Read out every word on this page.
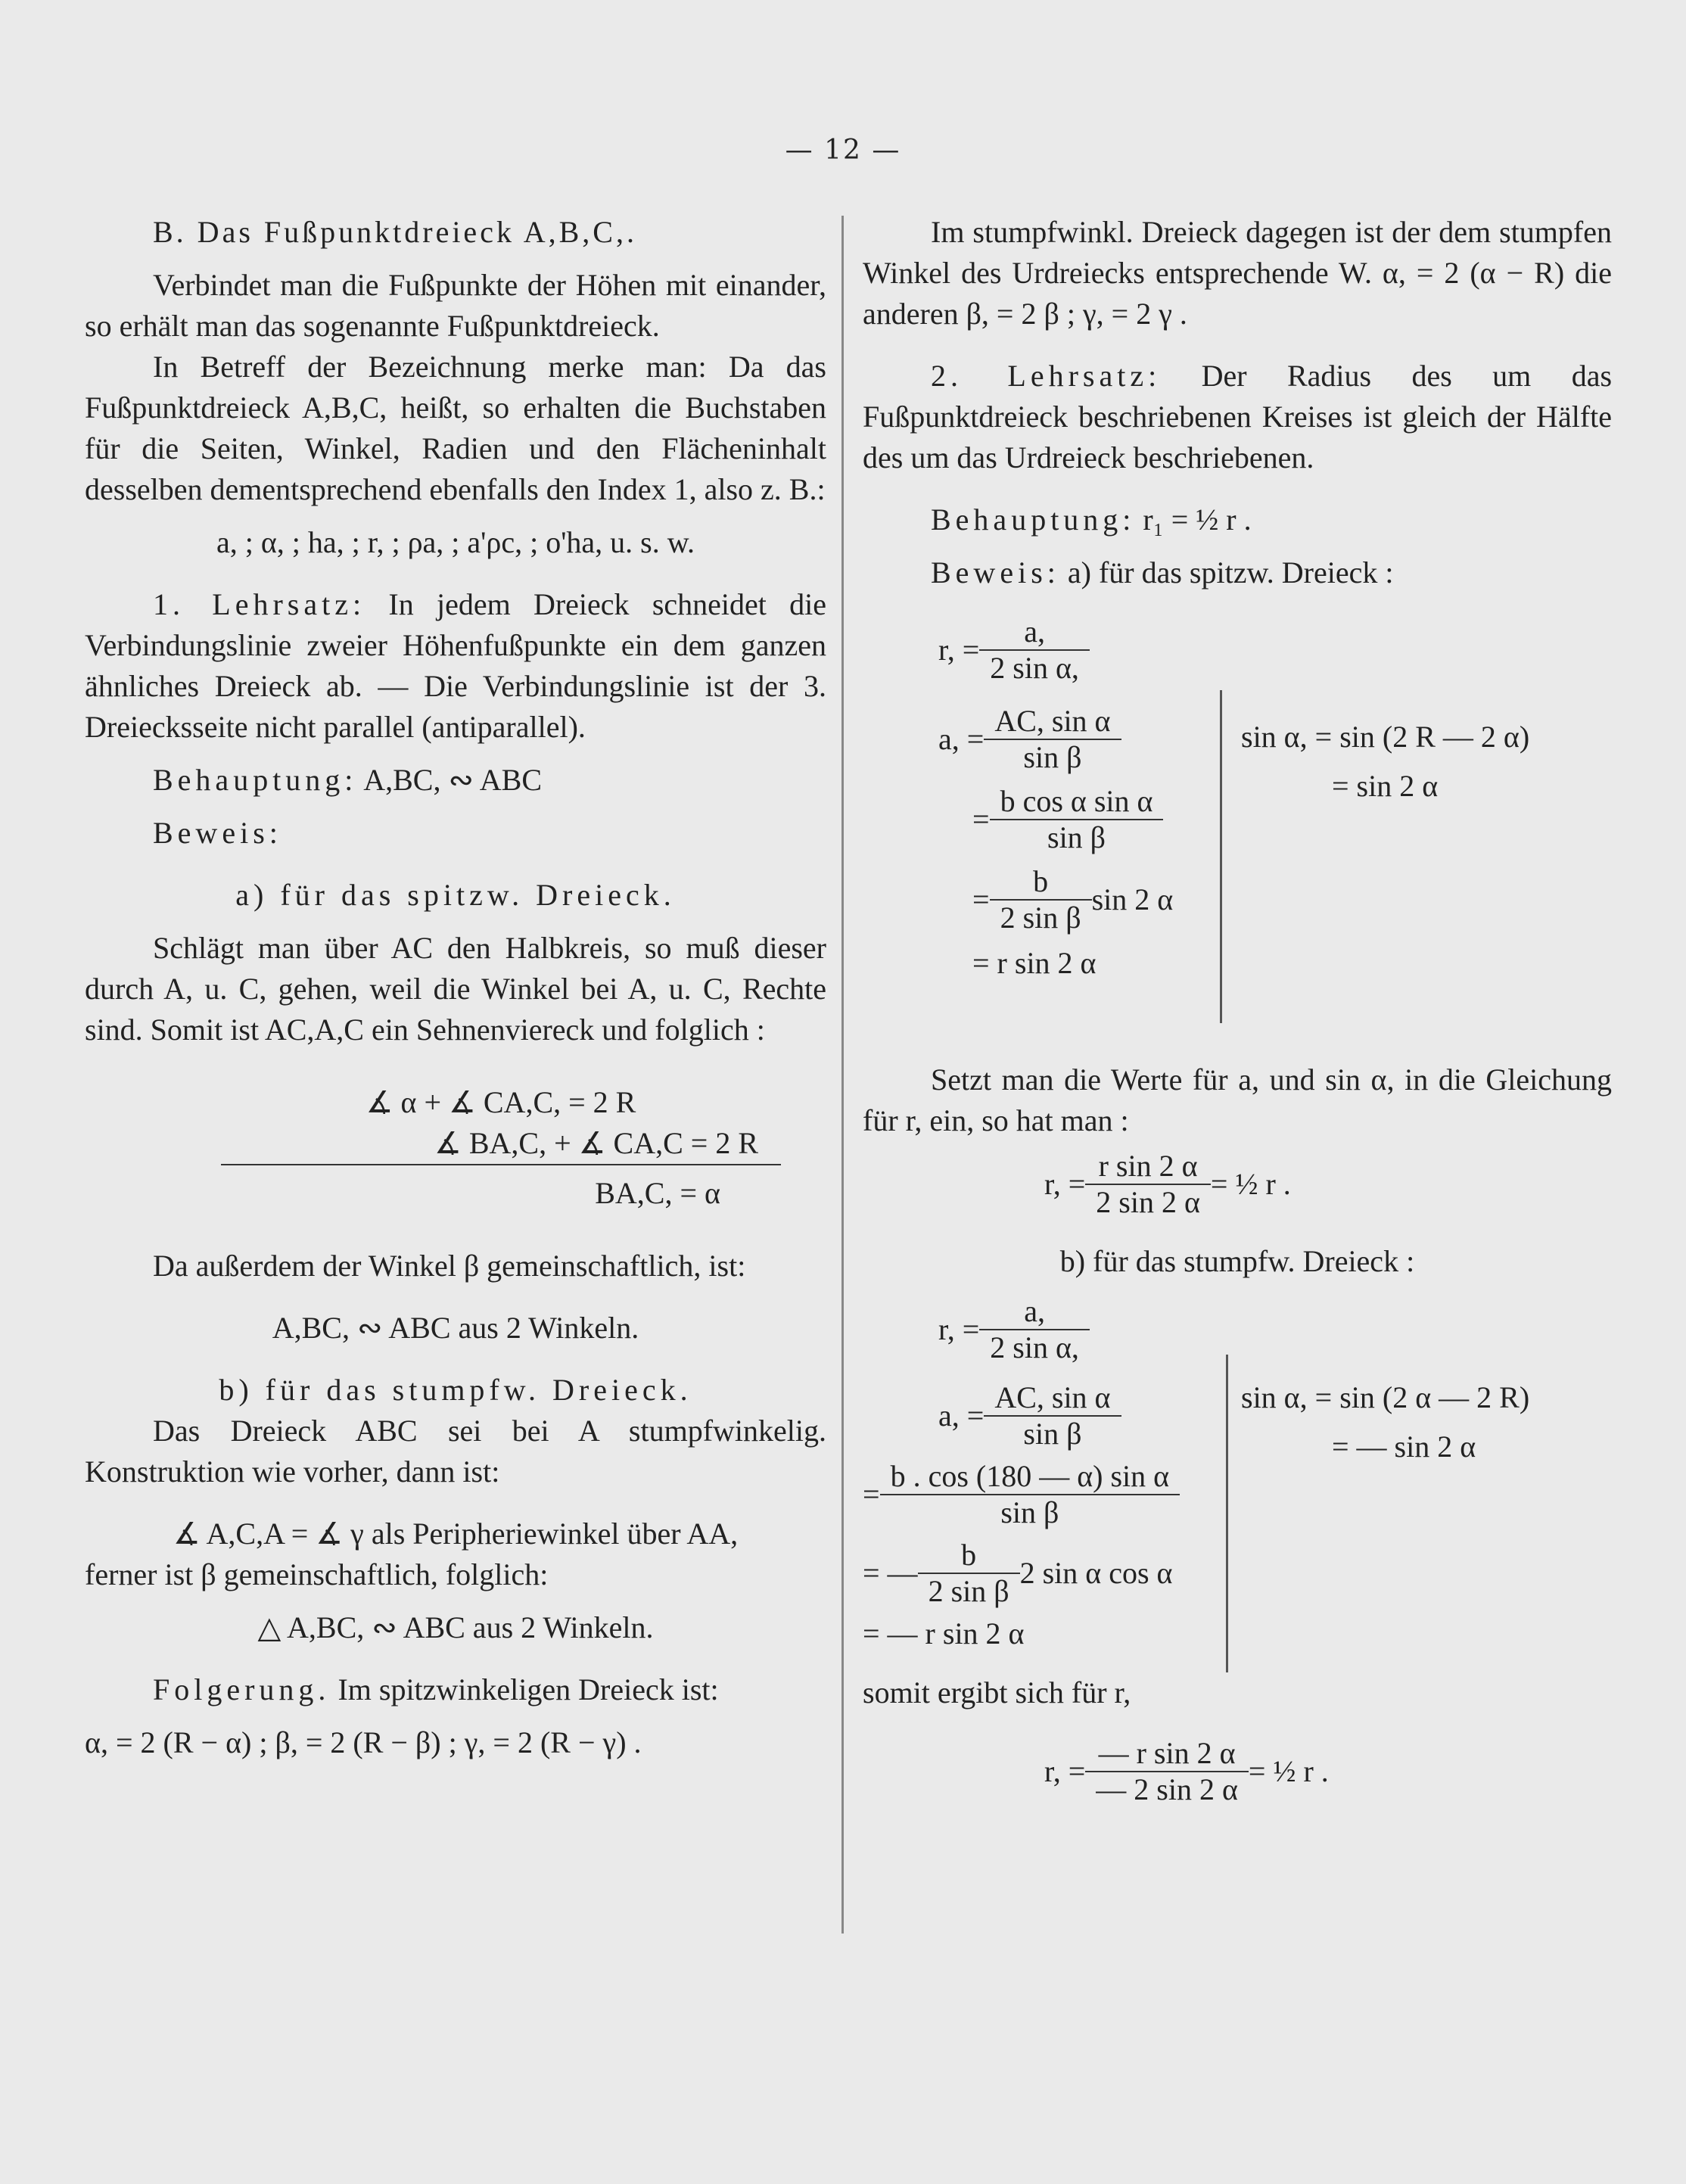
— 12 —

B. Das Fußpunktdreieck A,B,C,.

Verbindet man die Fußpunkte der Höhen mit einander, so erhält man das sogenannte Fußpunktdreieck.

In Betreff der Bezeichnung merke man: Da das Fußpunktdreieck A,B,C, heißt, so erhalten die Buchstaben für die Seiten, Winkel, Radien und den Flächeninhalt desselben dementsprechend ebenfalls den Index 1, also z. B.:

a, ; α, ; ha, ; r, ; ρa, ; a'ρc, ; o'ha, u. s. w.

1. Lehrsatz: In jedem Dreieck schneidet die Verbindungslinie zweier Höhenfußpunkte ein dem ganzen ähnliches Dreieck ab. — Die Verbindungslinie ist der 3. Dreiecksseite nicht parallel (antiparallel).

Behauptung: A,BC, ∾ ABC

Beweis:

a) für das spitzw. Dreieck.

Schlägt man über AC den Halbkreis, so muß dieser durch A, u. C, gehen, weil die Winkel bei A, u. C, Rechte sind. Somit ist AC,A,C ein Sehnenviereck und folglich :

∡ α + ∡ CA,C, = 2 R

∡ BA,C, + ∡ CA,C = 2 R

BA,C, = α

Da außerdem der Winkel β gemeinschaftlich, ist:

A,BC, ∾ ABC aus 2 Winkeln.

b) für das stumpfw. Dreieck.

Das Dreieck ABC sei bei A stumpfwinkelig. Konstruktion wie vorher, dann ist:

∡ A,C,A = ∡ γ als Peripheriewinkel über AA,

ferner ist β gemeinschaftlich, folglich:

△ A,BC, ∾ ABC aus 2 Winkeln.

Folgerung. Im spitzwinkeligen Dreieck ist:

α, = 2 (R − α) ; β, = 2 (R − β) ; γ, = 2 (R − γ) .

Im stumpfwinkl. Dreieck dagegen ist der dem stumpfen Winkel des Urdreiecks entsprechende W. α, = 2 (α − R) die anderen β, = 2 β ; γ, = 2 γ .

2. Lehrsatz: Der Radius des um das Fußpunktdreieck beschriebenen Kreises ist gleich der Hälfte des um das Urdreieck beschriebenen.

Behauptung: r₁ = ½ r .

Beweis: a) für das spitzw. Dreieck :

r, = $\frac{a,}{\text{2 sin α,}}$
a, = $\frac{\text{AC, sin α}}{\text{sin β}}$
= $\frac{\text{b cos α sin α}}{\text{sin β}}$
= $\frac{b}{\text{2 sin β}}$ sin 2 α

= r sin 2 α

sin α, = sin (2 R — 2 α)

= sin 2 α

Setzt man die Werte für a, und sin α, in die Gleichung für r, ein, so hat man :

r, = $\frac{\text{r sin 2 α}}{2 \sin 2 \alpha}$ = ½ r .

b) für das stumpfw. Dreieck :

r, = $\frac{a,}{\text{2 sin α,}}$
a, = $\frac{\text{AC, sin α}}{\text{sin β}}$
= $\frac{\text{b . cos (180 — α) sin α}}{\text{sin β}}$
= — $\frac{b}{\text{2 sin β}} 2$ sin α cos α

= — r sin 2 α

sin α, = sin (2 α — 2 R)

= — sin 2 α

somit ergibt sich für r,

r, = $\frac{\text{— r sin 2 α}}{— 2 \sin 2 \alpha}$ = ½ r .
